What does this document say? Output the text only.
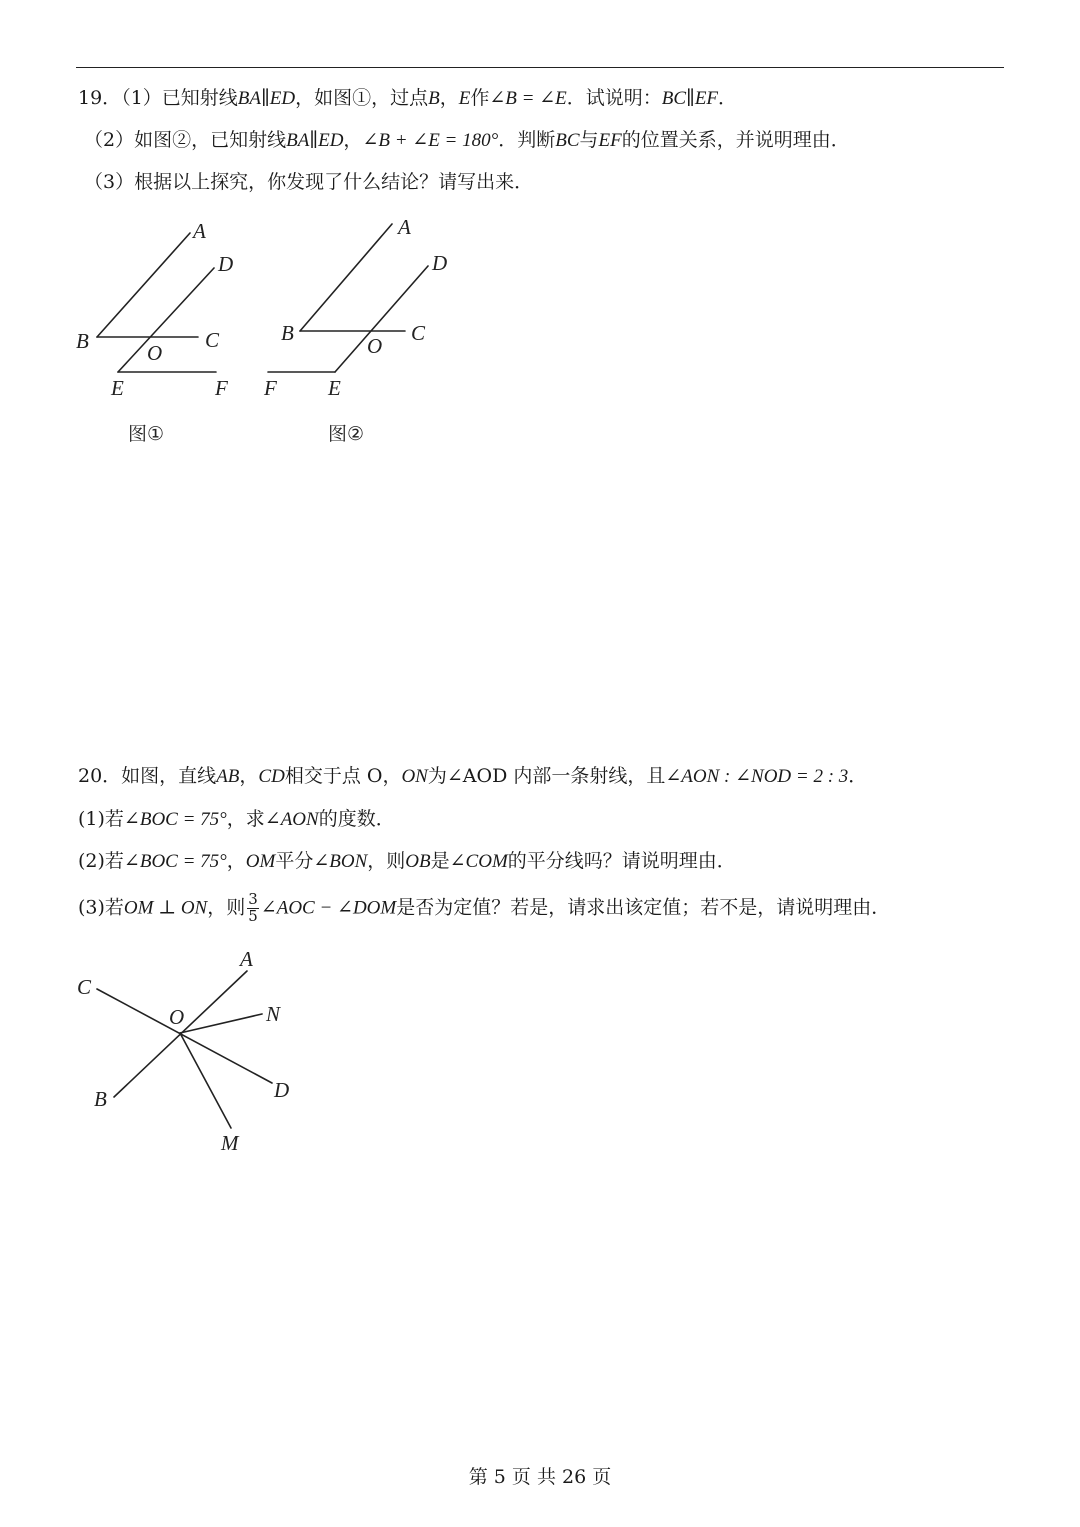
19．（1）已知射线BA∥ED，如图①，过点B，E作∠B = ∠E．试说明：BC∥EF．
（2）如图②，已知射线BA∥ED，∠B + ∠E = 180°．判断BC与EF的位置关系，并说明理由．
（3）根据以上探究，你发现了什么结论？请写出来．
20．如图，直线AB，CD相交于点 O，ON为∠AOD 内部一条射线，且∠AON : ∠NOD = 2 : 3．
(1)若∠BOC = 75°，求∠AON的度数．
(2)若∠BOC = 75°，OM平分∠BON，则OB是∠COM的平分线吗？请说明理由．
(3)若OM ⊥ ON，则 $\frac{3}{5}$ ∠AOC − ∠DOM是否为定值？若是，请求出该定值；若不是，请说明理由．
A
D
B	O
C
E	F
图①
A
D
B
O
C
F E
图②
A
C
O	N
B	D
M
第 5 页 共 26 页
